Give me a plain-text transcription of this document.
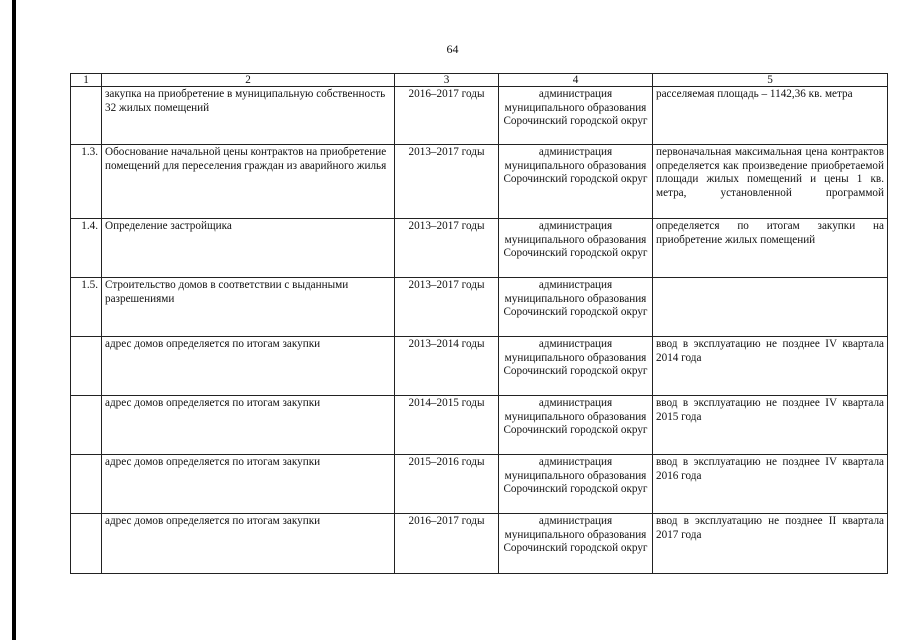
64
1	2	3	4	5
	закупка на приобретение в муниципальную собственность 32 жилых помещений	2016–2017 годы	администрация муниципального образования Сорочинский городской округ	расселяемая площадь – 1142,36 кв. метра
1.3.	Обоснование начальной цены контрактов на приобретение помещений для переселения граждан из аварийного жилья	2013–2017 годы	администрация муниципального образования Сорочинский городской округ	первоначальная максимальная цена контрактов определяется как произведение приобретаемой площади жилых помещений и цены 1 кв. метра, установленной программой
1.4.	Определение застройщика	2013–2017 годы	администрация муниципального образования Сорочинский городской округ	определяется по итогам закупки на приобретение жилых помещений
1.5.	Строительство домов в соответствии с выданными разрешениями	2013–2017 годы	администрация муниципального образования Сорочинский городской округ	
	адрес домов определяется по итогам закупки	2013–2014 годы	администрация муниципального образования Сорочинский городской округ	ввод в эксплуатацию не позднее IV квартала 2014 года
	адрес домов определяется по итогам закупки	2014–2015 годы	администрация муниципального образования Сорочинский городской округ	ввод в эксплуатацию не позднее IV квартала 2015 года
	адрес домов определяется по итогам закупки	2015–2016 годы	администрация муниципального образования Сорочинский городской округ	ввод в эксплуатацию не позднее IV квартала 2016 года
	адрес домов определяется по итогам закупки	2016–2017 годы	администрация муниципального образования Сорочинский городской округ	ввод в эксплуатацию не позднее II квартала 2017 года
